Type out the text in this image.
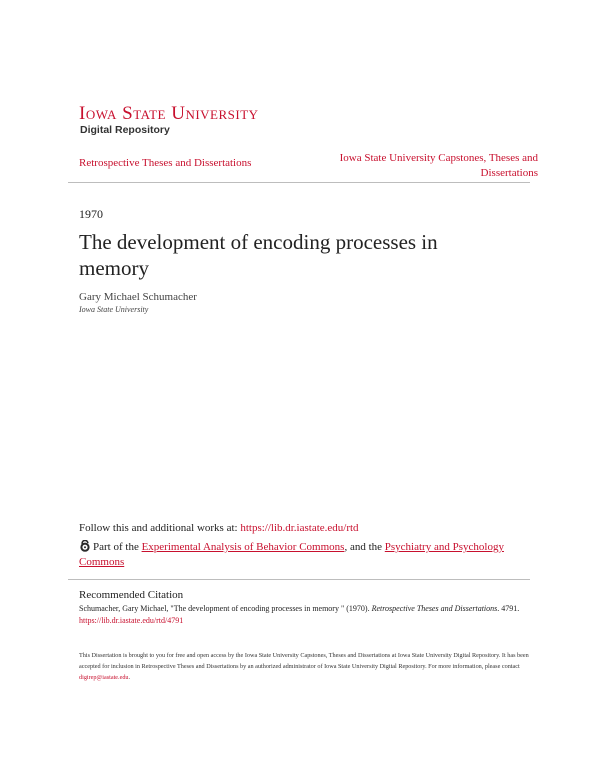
Iowa State University
Digital Repository
Retrospective Theses and Dissertations	Iowa State University Capstones, Theses and Dissertations
1970
The development of encoding processes in memory
Gary Michael Schumacher
Iowa State University
Follow this and additional works at: https://lib.dr.iastate.edu/rtd
Part of the Experimental Analysis of Behavior Commons, and the Psychiatry and Psychology Commons
Recommended Citation
Schumacher, Gary Michael, "The development of encoding processes in memory " (1970). Retrospective Theses and Dissertations. 4791.
https://lib.dr.iastate.edu/rtd/4791
This Dissertation is brought to you for free and open access by the Iowa State University Capstones, Theses and Dissertations at Iowa State University Digital Repository. It has been accepted for inclusion in Retrospective Theses and Dissertations by an authorized administrator of Iowa State University Digital Repository. For more information, please contact digirep@iastate.edu.
